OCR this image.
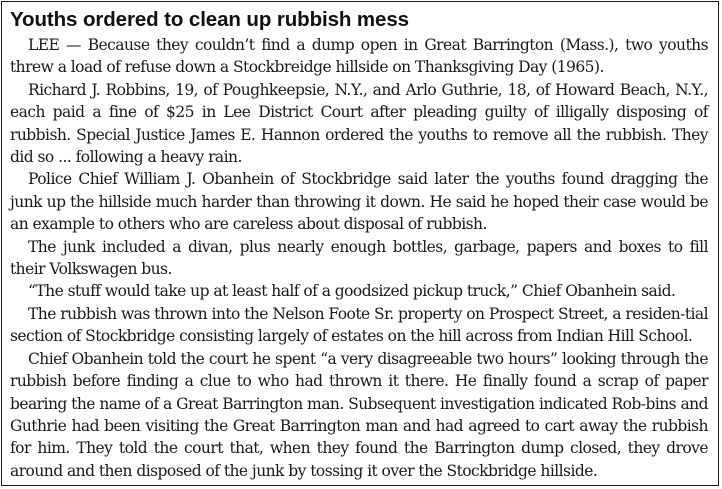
Youths ordered to clean up rubbish mess

LEE — Because they couldn’t find a dump open in Great Barrington (Mass.), two youths threw a load of refuse down a Stockbreidge hillside on Thanksgiving Day (1965).

Richard J. Robbins, 19, of Poughkeepsie, N.Y., and Arlo Guthrie, 18, of Howard Beach, N.Y., each paid a fine of $25 in Lee District Court after pleading guilty of illigally disposing of rubbish. Special Justice James E. Hannon ordered the youths to remove all the rubbish. They did so ... following a heavy rain.

Police Chief William J. Obanhein of Stockbridge said later the youths found dragging the junk up the hillside much harder than throwing it down. He said he hoped their case would be an example to others who are careless about disposal of rubbish.

The junk included a divan, plus nearly enough bottles, garbage, papers and boxes to fill their Volkswagen bus.

“The stuff would take up at least half of a goodsized pickup truck,” Chief Obanhein said.

The rubbish was thrown into the Nelson Foote Sr. property on Prospect Street, a residen-tial section of Stockbridge consisting largely of estates on the hill across from Indian Hill School.

Chief Obanhein told the court he spent “a very disagreeable two hours” looking through the rubbish before finding a clue to who had thrown it there. He finally found a scrap of paper bearing the name of a Great Barrington man. Subsequent investigation indicated Rob-bins and Guthrie had been visiting the Great Barrington man and had agreed to cart away the rubbish for him. They told the court that, when they found the Barrington dump closed, they drove around and then disposed of the junk by tossing it over the Stockbridge hillside.
